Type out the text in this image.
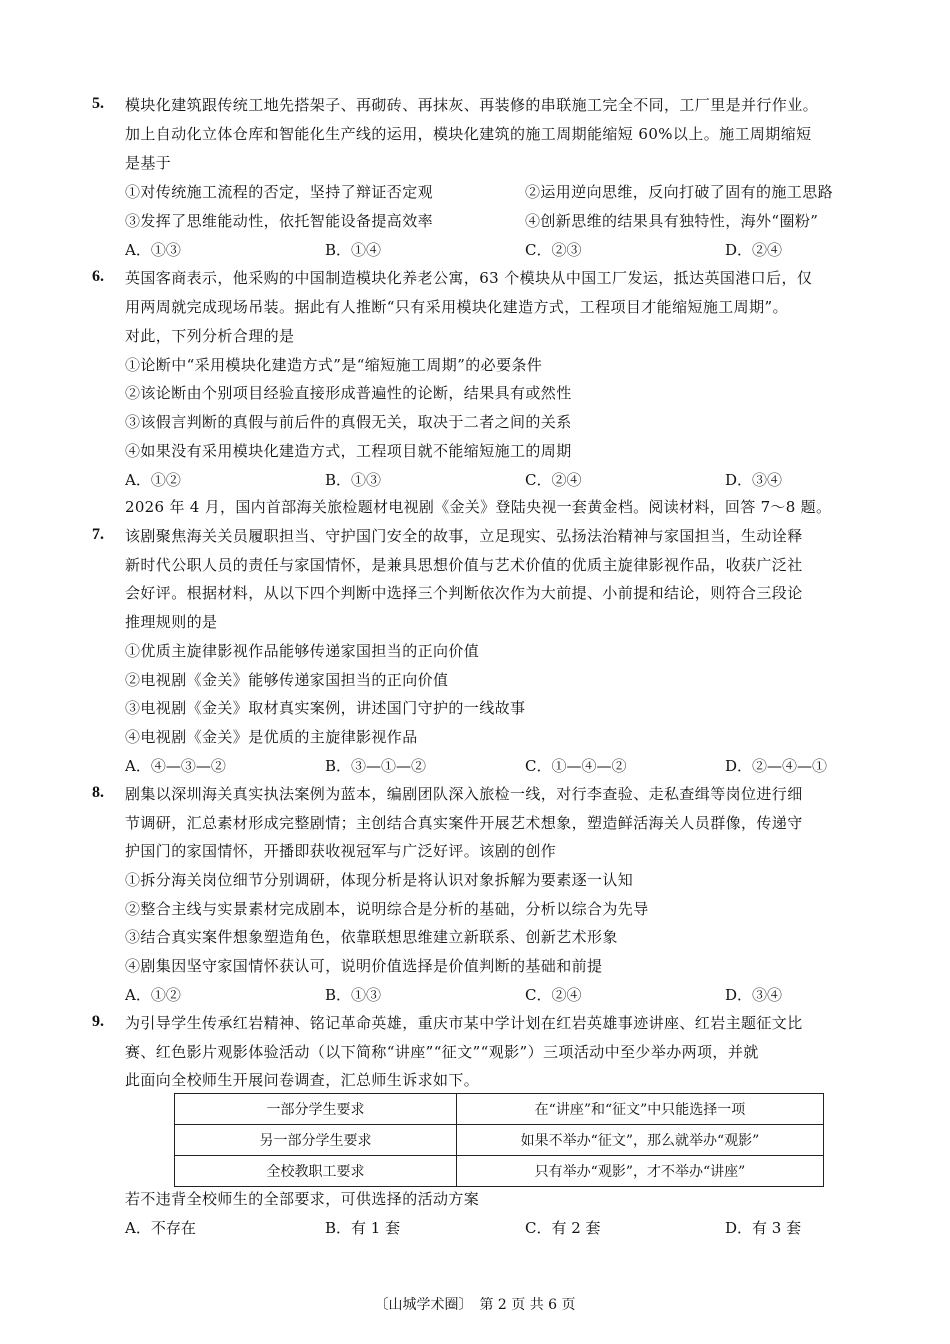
5.	模块化建筑跟传统工地先搭架子、再砌砖、再抹灰、再装修的串联施工完全不同，工厂里是并行作业。
加上自动化立体仓库和智能化生产线的运用，模块化建筑的施工周期能缩短 60%以上。施工周期缩短
是基于
①对传统施工流程的否定，坚持了辩证否定观	②运用逆向思维，反向打破了固有的施工思路
③发挥了思维能动性，依托智能设备提高效率	④创新思维的结果具有独特性，海外“圈粉”
A．①③	B．①④	C．②③	D．②④
6.	英国客商表示，他采购的中国制造模块化养老公寓，63 个模块从中国工厂发运，抵达英国港口后，仅
用两周就完成现场吊装。据此有人推断“只有采用模块化建造方式，工程项目才能缩短施工周期”。
对此，下列分析合理的是
①论断中“采用模块化建造方式”是“缩短施工周期”的必要条件
②该论断由个别项目经验直接形成普遍性的论断，结果具有或然性
③该假言判断的真假与前后件的真假无关，取决于二者之间的关系
④如果没有采用模块化建造方式，工程项目就不能缩短施工的周期
A．①②	B．①③	C．②④	D．③④
2026 年 4 月，国内首部海关旅检题材电视剧《金关》登陆央视一套黄金档。阅读材料，回答 7～8 题。
7.	该剧聚焦海关关员履职担当、守护国门安全的故事，立足现实、弘扬法治精神与家国担当，生动诠释
新时代公职人员的责任与家国情怀，是兼具思想价值与艺术价值的优质主旋律影视作品，收获广泛社
会好评。根据材料，从以下四个判断中选择三个判断依次作为大前提、小前提和结论，则符合三段论
推理规则的是
①优质主旋律影视作品能够传递家国担当的正向价值
②电视剧《金关》能够传递家国担当的正向价值
③电视剧《金关》取材真实案例，讲述国门守护的一线故事
④电视剧《金关》是优质的主旋律影视作品
A．④—③—②	B．③—①—②	C．①—④—②	D．②—④—①
8.	剧集以深圳海关真实执法案例为蓝本，编剧团队深入旅检一线，对行李查验、走私查缉等岗位进行细
节调研，汇总素材形成完整剧情；主创结合真实案件开展艺术想象，塑造鲜活海关人员群像，传递守
护国门的家国情怀，开播即获收视冠军与广泛好评。该剧的创作
①拆分海关岗位细节分别调研，体现分析是将认识对象拆解为要素逐一认知
②整合主线与实景素材完成剧本，说明综合是分析的基础，分析以综合为先导
③结合真实案件想象塑造角色，依靠联想思维建立新联系、创新艺术形象
④剧集因坚守家国情怀获认可，说明价值选择是价值判断的基础和前提
A．①②	B．①③	C．②④	D．③④
9.	为引导学生传承红岩精神、铭记革命英雄，重庆市某中学计划在红岩英雄事迹讲座、红岩主题征文比
赛、红色影片观影体验活动（以下简称“讲座”“征文”“观影”）三项活动中至少举办两项，并就
此面向全校师生开展问卷调查，汇总师生诉求如下。
一部分学生要求	在“讲座”和“征文”中只能选择一项
另一部分学生要求	如果不举办“征文”，那么就举办“观影”
全校教职工要求	只有举办“观影”，才不举办“讲座”
若不违背全校师生的全部要求，可供选择的活动方案
A．不存在	B．有 1 套	C．有 2 套	D．有 3 套
〔山城学术圈〕　第 2 页 共 6 页
